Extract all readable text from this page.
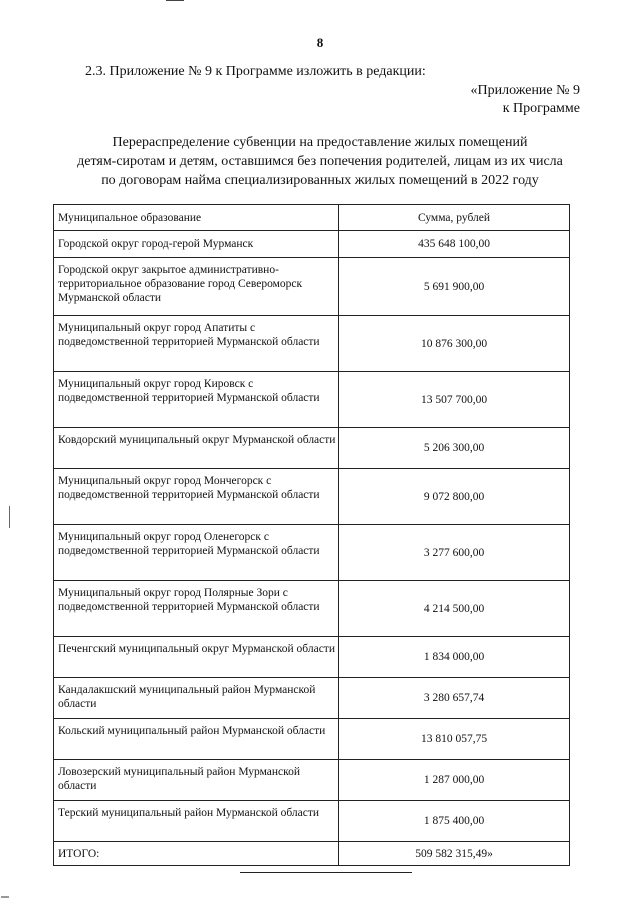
8
2.3. Приложение № 9 к Программе изложить в редакции:
«Приложение № 9
к Программе
Перераспределение субвенции на предоставление жилых помещений
детям-сиротам и детям, оставшимся без попечения родителей, лицам из их числа
по договорам найма специализированных жилых помещений в 2022 году
Муниципальное образование	Сумма, рублей
Городской округ город-герой Мурманск	435 648 100,00
Городской округ закрытое административно-территориальное образование город Североморск Мурманской области	5 691 900,00
Муниципальный округ город Апатиты с подведомственной территорией Мурманской области	10 876 300,00
Муниципальный округ город Кировск с подведомственной территорией Мурманской области	13 507 700,00
Ковдорский муниципальный округ Мурманской области	5 206 300,00
Муниципальный округ город Мончегорск с подведомственной территорией Мурманской области	9 072 800,00
Муниципальный округ город Оленегорск с подведомственной территорией Мурманской области	3 277 600,00
Муниципальный округ город Полярные Зори с подведомственной территорией Мурманской области	4 214 500,00
Печенгский муниципальный округ Мурманской области	1 834 000,00
Кандалакшский муниципальный район Мурманской области	3 280 657,74
Кольский муниципальный район Мурманской области	13 810 057,75
Ловозерский муниципальный район Мурманской области	1 287 000,00
Терский муниципальный район Мурманской области	1 875 400,00
ИТОГО:	509 582 315,49»
